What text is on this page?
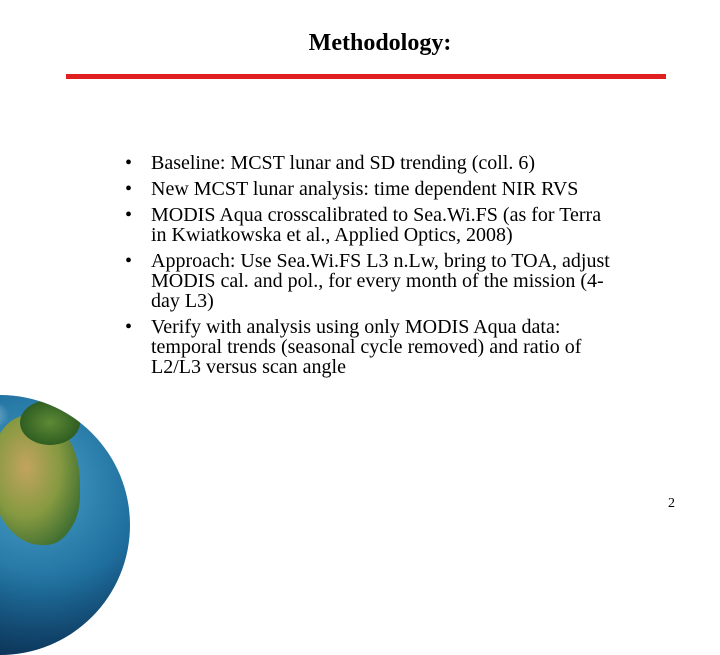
Methodology:
• Baseline: MCST lunar and SD trending (coll. 6)
• New MCST lunar analysis: time dependent NIR RVS
• MODIS Aqua crosscalibrated to Sea.Wi.FS (as for Terra in Kwiatkowska et al., Applied Optics, 2008)
• Approach: Use Sea.Wi.FS L3 n.Lw, bring to TOA, adjust MODIS cal. and pol., for every month of the mission (4-day L3)
• Verify with analysis using only MODIS Aqua data: temporal trends (seasonal cycle removed) and ratio of L2/L3 versus scan angle
2
